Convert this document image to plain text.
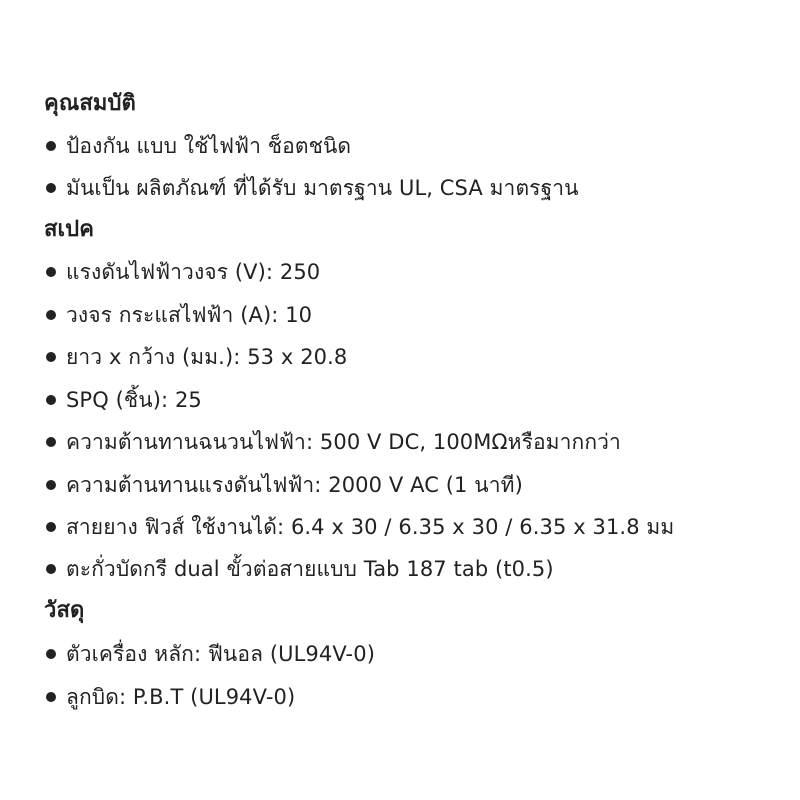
คุณสมบัติ
ป้องกัน แบบ ใช้ไฟฟ้า ช็อตชนิด
มันเป็น ผลิตภัณฑ์ ที่ได้รับ มาตรฐาน UL, CSA มาตรฐาน
สเปค
แรงดันไฟฟ้าวงจร (V): 250
วงจร กระแสไฟฟ้า (A): 10
ยาว x กว้าง (มม.): 53 x 20.8
SPQ (ชิ้น): 25
ความต้านทานฉนวนไฟฟ้า: 500 V DC, 100MΩหรือมากกว่า
ความต้านทานแรงดันไฟฟ้า: 2000 V AC (1 นาที)
สายยาง ฟิวส์ ใช้งานได้: 6.4 x 30 / 6.35 x 30 / 6.35 x 31.8 มม
ตะกั่วบัดกรี dual ขั้วต่อสายแบบ Tab 187 tab (t0.5)
วัสดุ
ตัวเครื่อง หลัก: ฟีนอล (UL94V-0)
ลูกบิด: P.B.T (UL94V-0)
